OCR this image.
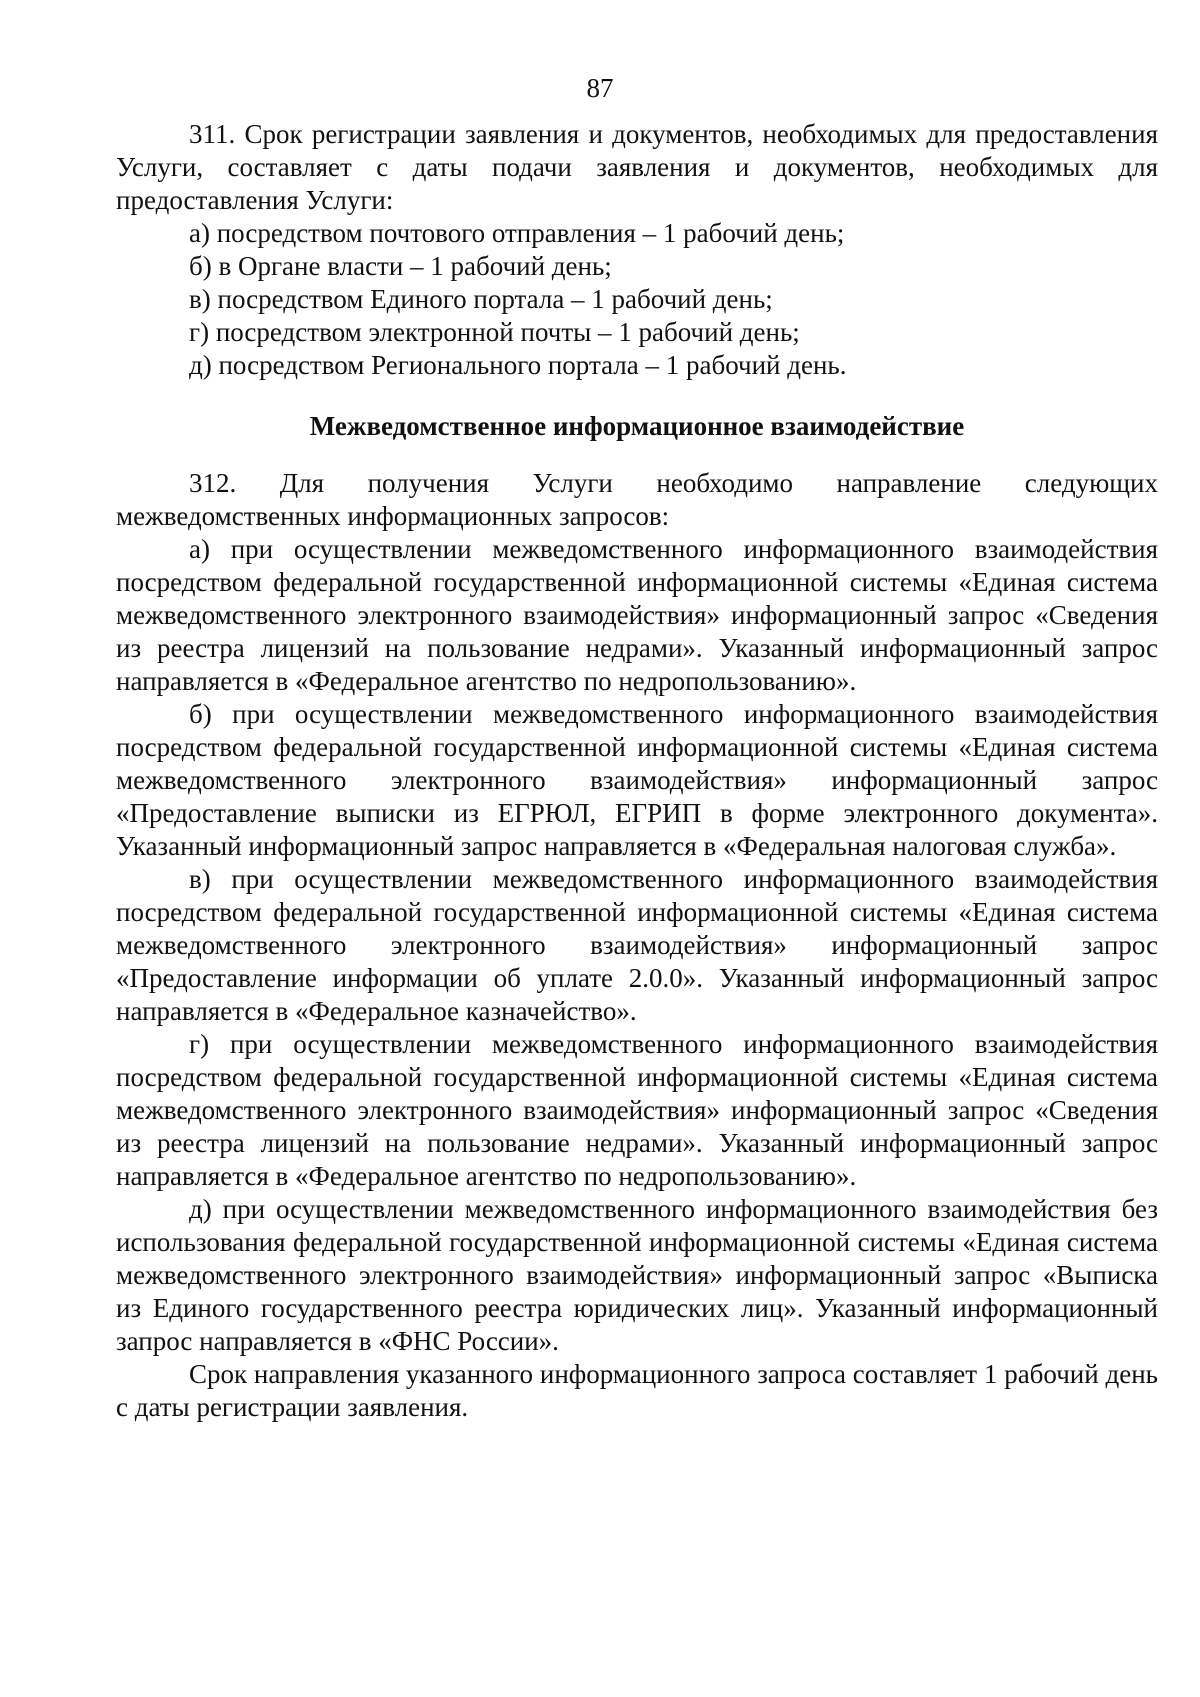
87

311. Срок регистрации заявления и документов, необходимых для предоставления Услуги, составляет с даты подачи заявления и документов, необходимых для предоставления Услуги:

а) посредством почтового отправления – 1 рабочий день;

б) в Органе власти – 1 рабочий день;

в) посредством Единого портала – 1 рабочий день;

г) посредством электронной почты – 1 рабочий день;

д) посредством Регионального портала – 1 рабочий день.

Межведомственное информационное взаимодействие

312. Для получения Услуги необходимо направление следующих межведомственных информационных запросов:

а) при осуществлении межведомственного информационного взаимодействия посредством федеральной государственной информационной системы «Единая система межведомственного электронного взаимодействия» информационный запрос «Сведения из реестра лицензий на пользование недрами». Указанный информационный запрос направляется в «Федеральное агентство по недропользованию».

б) при осуществлении межведомственного информационного взаимодействия посредством федеральной государственной информационной системы «Единая система межведомственного электронного взаимодействия» информационный запрос «Предоставление выписки из ЕГРЮЛ, ЕГРИП в форме электронного документа». Указанный информационный запрос направляется в «Федеральная налоговая служба».

в) при осуществлении межведомственного информационного взаимодействия посредством федеральной государственной информационной системы «Единая система межведомственного электронного взаимодействия» информационный запрос «Предоставление информации об уплате 2.0.0». Указанный информационный запрос направляется в «Федеральное казначейство».

г) при осуществлении межведомственного информационного взаимодействия посредством федеральной государственной информационной системы «Единая система межведомственного электронного взаимодействия» информационный запрос «Сведения из реестра лицензий на пользование недрами». Указанный информационный запрос направляется в «Федеральное агентство по недропользованию».

д) при осуществлении межведомственного информационного взаимодействия без использования федеральной государственной информационной системы «Единая система межведомственного электронного взаимодействия» информационный запрос «Выписка из Единого государственного реестра юридических лиц». Указанный информационный запрос направляется в «ФНС России».

Срок направления указанного информационного запроса составляет 1 рабочий день с даты регистрации заявления.
